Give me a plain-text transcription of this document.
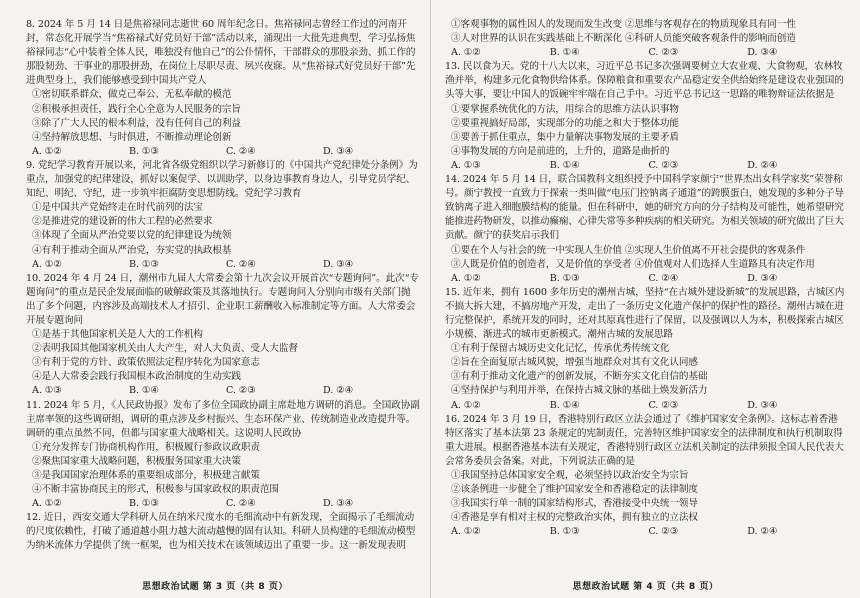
8. 2024 年 5 月 14 日是焦裕禄同志逝世 60 周年纪念日。焦裕禄同志曾经工作过的河南开封，常态化开展学当“焦裕禄式好党员好干部”活动以来，涌现出一大批先进典型，学习弘扬焦裕禄同志“心中装着全体人民，唯独没有他自己”的公仆情怀，干部群众的那股亲劲、抓工作的那股韧劲、干事业的那股拼劲，在岗位上尽职尽责、夙兴夜寐。从“焦裕禄式好党员好干部”先进典型身上，我们能够感受到中国共产党人

①密切联系群众，做克己奉公、无私奉献的模范

②积极承担责任，践行全心全意为人民服务的宗旨

③除了广大人民的根本利益，没有任何自己的利益

④坚持解放思想、与时俱进，不断推动理论创新

A. ①②	B. ①③	C. ②④	D. ③④

9. 党纪学习教育开展以来，河北省各级党组织以学习新修订的《中国共产党纪律处分条例》为重点，加强党的纪律建设，抓好以案促学、以训助学，以身边事教育身边人，引导党员学纪、知纪、明纪、守纪，进一步筑牢拒腐防变思想防线。党纪学习教育

①是中国共产党始终走在时代前列的法宝

②是推进党的建设新的伟大工程的必然要求

③体现了全面从严治党要以党的纪律建设为统领

④有利于推动全面从严治党，夯实党的执政根基

A. ①②	B. ①③	C. ②④	D. ③④

10. 2024 年 4 月 24 日，潮州市九届人大常委会第十九次会议开展首次“专题询问”。此次“专题询问”的重点是民企发展面临的破解政策及其落地执行。专题询问人分别向市级有关部门抛出了多个问题，内容涉及高端技术人才招引、企业职工薪酬收入标准制定等方面。人大常委会开展专题询问

①是基于其他国家机关是人大的工作机构

②表明我国其他国家机关由人大产生，对人大负责、受人大监督

③有利于党的方针、政策依照法定程序转化为国家意志

④是人大常委会践行我国根本政治制度的生动实践

A. ①③	B. ①④	C. ②③	D. ②④

11. 2024 年 5 月，《人民政协报》发布了多位全国政协副主席赴地方调研的消息。全国政协副主席率领的这些调研组，调研的重点涉及乡村振兴、生态环保产业、传统制造业改造提升等。调研的重点虽然不同，但都与国家重大战略相关。这说明人民政协

①充分发挥专门协商机构作用，积极履行参政议政职责

②聚焦国家重大战略问题，积极服务国家重大决策

③是我国国家治理体系的重要组成部分，积极建言献策

④不断丰富协商民主的形式，积极参与国家政权的职责范围

A. ①②	B. ①③	C. ②④	D. ③④

12. 近日，西安交通大学科研人员在纳米尺度水的毛细流动中有新发现，全面揭示了毛细流动的尺度依赖性，打破了通道越小阻力越大流动越慢的固有认知。科研人员构建的毛细流动模型为纳米流体力学提供了统一框架，也为相关技术在该领域迈出了重要一步。这一新发现表明

思想政治试题 第 3 页（共 8 页）

①客观事物的属性因人的发现而发生改变 ②思维与客观存在的物质现象具有同一性

③人对世界的认识在实践基础上不断深化 ④科研人员能突破客观条件的影响而创造

A. ①②	B. ①④	C. ②③	D. ③④

13. 民以食为天。党的十八大以来，习近平总书记多次强调要树立大农业观、大食物观，农林牧渔并举，构建多元化食物供给体系。保障粮食和重要农产品稳定安全供给始终是建设农业强国的头等大事，要让中国人的饭碗牢牢端在自己手中。习近平总书记这一思路的唯物辩证法依据是

①要掌握系统优化的方法，用综合的思维方法认识事物

②要重视搞好局部，实现部分的功能之和大于整体功能

③要善于抓住重点，集中力量解决事物发展的主要矛盾

④事物发展的方向是前进的，上升的，道路是曲折的

A. ①③	B. ①④	C. ②③	D. ②④

14. 2024 年 5 月 14 日，联合国教科文组织授予中国科学家颜宁“世界杰出女科学家奖”荣誉称号。颜宁教授一直致力于探索一类叫做“电压门控钠离子通道”的跨膜蛋白，她发现的多种分子导致钠离子进入细胞膜结构的能量。但在科研中，她的研究方向的分子结构及可能性，她希望研究能推进药物研发，以推动癫痫、心律失常等多种疾病的相关研究。为相关领域的研究做出了巨大贡献。颜宁的获奖启示我们

①要在个人与社会的统一中实现人生价值 ②实现人生价值离不开社会提供的客观条件

③人既是价值的创造者，又是价值的享受者 ④价值观对人们选择人生道路具有决定作用

A. ①②	B. ①③	C. ②④	D. ③④

15. 近年来，拥有 1600 多年历史的潮州古城，坚持“在古城外建设新城”的发展思路，古城区内不搞大拆大建，不搞房地产开发，走出了一条历史文化遗产保护的保护性的路径。潮州古城在进行完整保护，系统开发的同时，还对其原真性进行了保留，以及强调以人为本，积极探索古城区小规模、渐进式的城市更新模式。潮州古城的发展思路

①有利于保留古城历史文化记忆，传承优秀传统文化

②旨在全面复原古城风貌，增强当地群众对其有文化认同感

③有利于推动文化遗产的创新发展，不断夯实文化自信的基础

④坚持保护与利用并举，在保持古城文脉的基础上焕发新活力

A. ①②	B. ①④	C. ②③	D. ③④

16. 2024 年 3 月 19 日，香港特别行政区立法会通过了《维护国家安全条例》。这标志着香港特区落实了基本法第 23 条规定的宪制责任，完善特区维护国家安全的法律制度和执行机制取得重大进展。根据香港基本法有关规定，香港特别行政区立法机关制定的法律须报全国人民代表大会常务委员会备案。对此，下列说法正确的是

①我国坚持总体国家安全观，必须坚持以政治安全为宗旨

②该条例进一步健全了维护国家安全和香港稳定的法律制度

③我国实行单一制的国家结构形式，香港接受中央统一领导

④香港是享有相对主权的完整政治实体，拥有独立的立法权

A. ①②	B. ①③	C. ②③	D. ②④
思想政治试题 第 4 页（共 8 页）
